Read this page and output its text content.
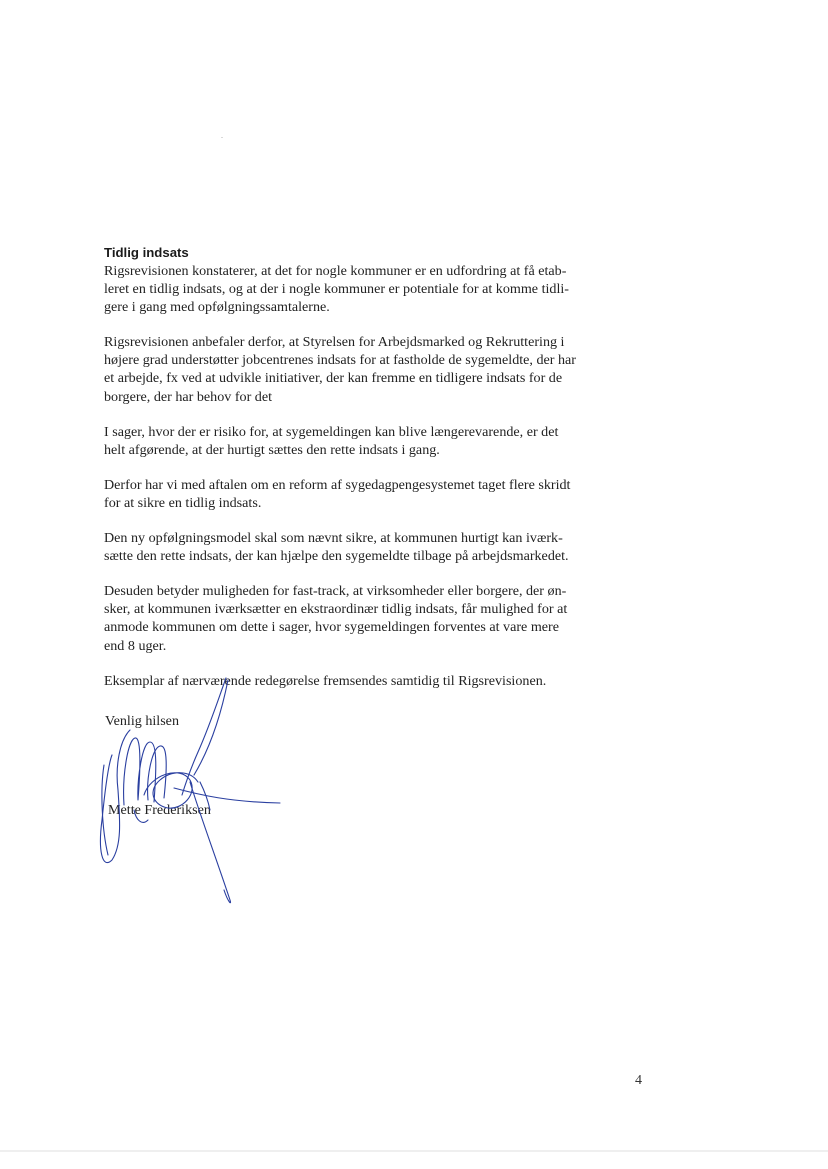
Tidlig indsats

Rigsrevisionen konstaterer, at det for nogle kommuner er en udfordring at få etab-
leret en tidlig indsats, og at der i nogle kommuner er potentiale for at komme tidli-
gere i gang med opfølgningssamtalerne.

Rigsrevisionen anbefaler derfor, at Styrelsen for Arbejdsmarked og Rekruttering i
højere grad understøtter jobcentrenes indsats for at fastholde de sygemeldte, der har
et arbejde, fx ved at udvikle initiativer, der kan fremme en tidligere indsats for de
borgere, der har behov for det

I sager, hvor der er risiko for, at sygemeldingen kan blive længerevarende, er det
helt afgørende, at der hurtigt sættes den rette indsats i gang.

Derfor har vi med aftalen om en reform af sygedagpengesystemet taget flere skridt
for at sikre en tidlig indsats.

Den ny opfølgningsmodel skal som nævnt sikre, at kommunen hurtigt kan iværk-
sætte den rette indsats, der kan hjælpe den sygemeldte tilbage på arbejdsmarkedet.

Desuden betyder muligheden for fast-track, at virksomheder eller borgere, der øn-
sker, at kommunen iværksætter en ekstraordinær tidlig indsats, får mulighed for at
anmode kommunen om dette i sager, hvor sygemeldingen forventes at vare mere
end 8 uger.

Eksemplar af nærværende redegørelse fremsendes samtidig til Rigsrevisionen.

Venlig hilsen
Mette Frederiksen
4
